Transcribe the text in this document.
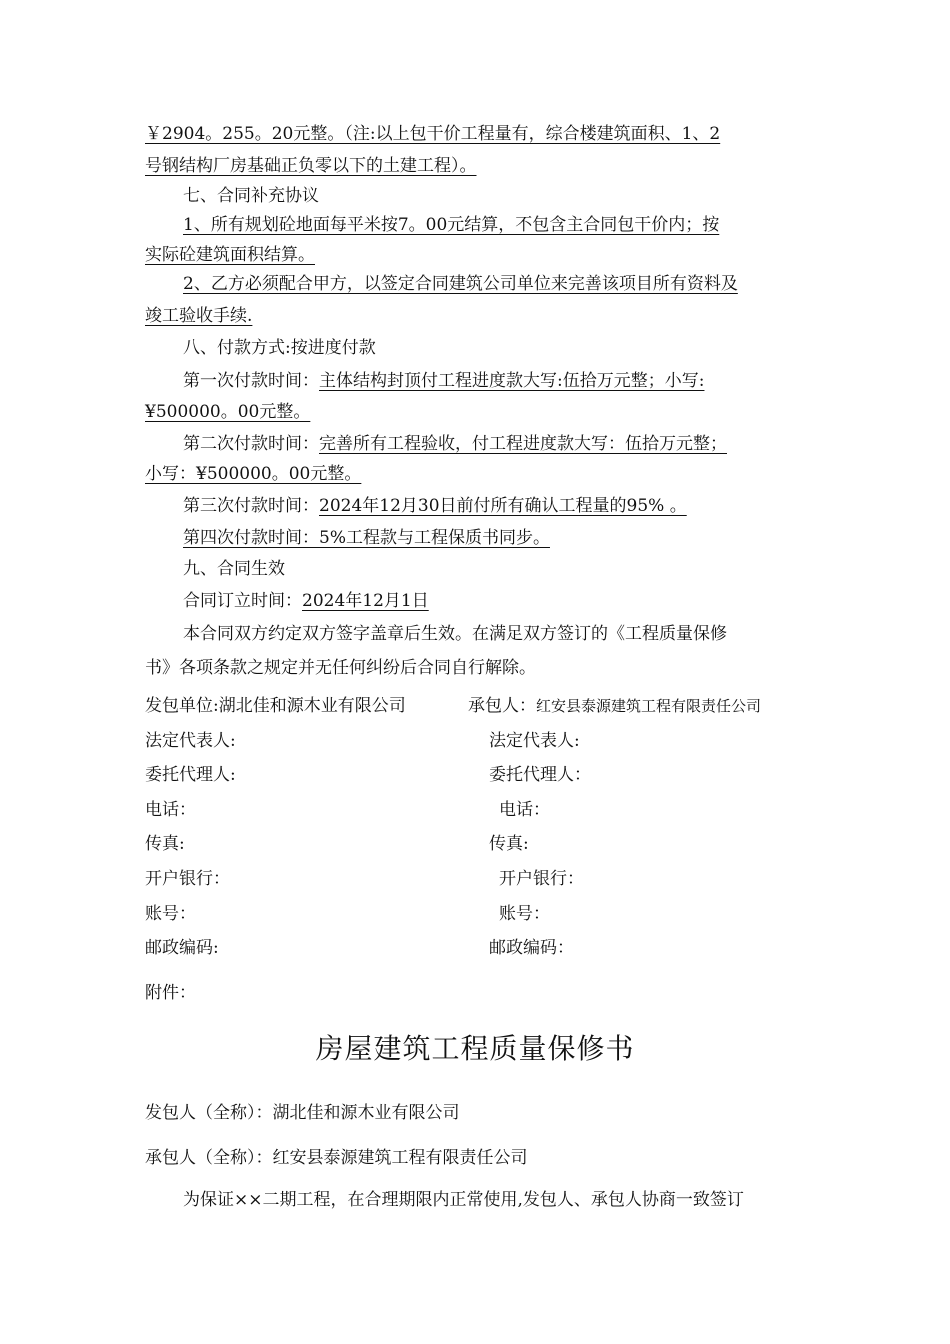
￥2904。255。20元整。（注:以上包干价工程量有，综合楼建筑面积、1、2
号钢结构厂房基础正负零以下的土建工程）。
七、合同补充协议
1、所有规划砼地面每平米按7。00元结算，不包含主合同包干价内；按
实际砼建筑面积结算。
2、乙方必须配合甲方，以签定合同建筑公司单位来完善该项目所有资料及
竣工验收手续.
八、付款方式:按进度付款
第一次付款时间：主体结构封顶付工程进度款大写:伍拾万元整；小写:
¥500000。00元整。
第二次付款时间：完善所有工程验收，付工程进度款大写：伍拾万元整；
小写：¥500000。00元整。
第三次付款时间：2024年12月30日前付所有确认工程量的95% 。
第四次付款时间：5%工程款与工程保质书同步。
九、合同生效
合同订立时间：2024年12月1日
本合同双方约定双方签字盖章后生效。在满足双方签订的《工程质量保修
书》各项条款之规定并无任何纠纷后合同自行解除。
发包单位:湖北佳和源木业有限公司	承包人：红安县泰源建筑工程有限责任公司
法定代表人:	法定代表人:
委托代理人:	委托代理人：
电话：	电话：
传真:	传真:
开户银行：	开户银行：
账号：	账号：
邮政编码:	邮政编码：
附件：
房屋建筑工程质量保修书
发包人（全称）：湖北佳和源木业有限公司
承包人（全称）：红安县泰源建筑工程有限责任公司
为保证××二期工程，在合理期限内正常使用,发包人、承包人协商一致签订
